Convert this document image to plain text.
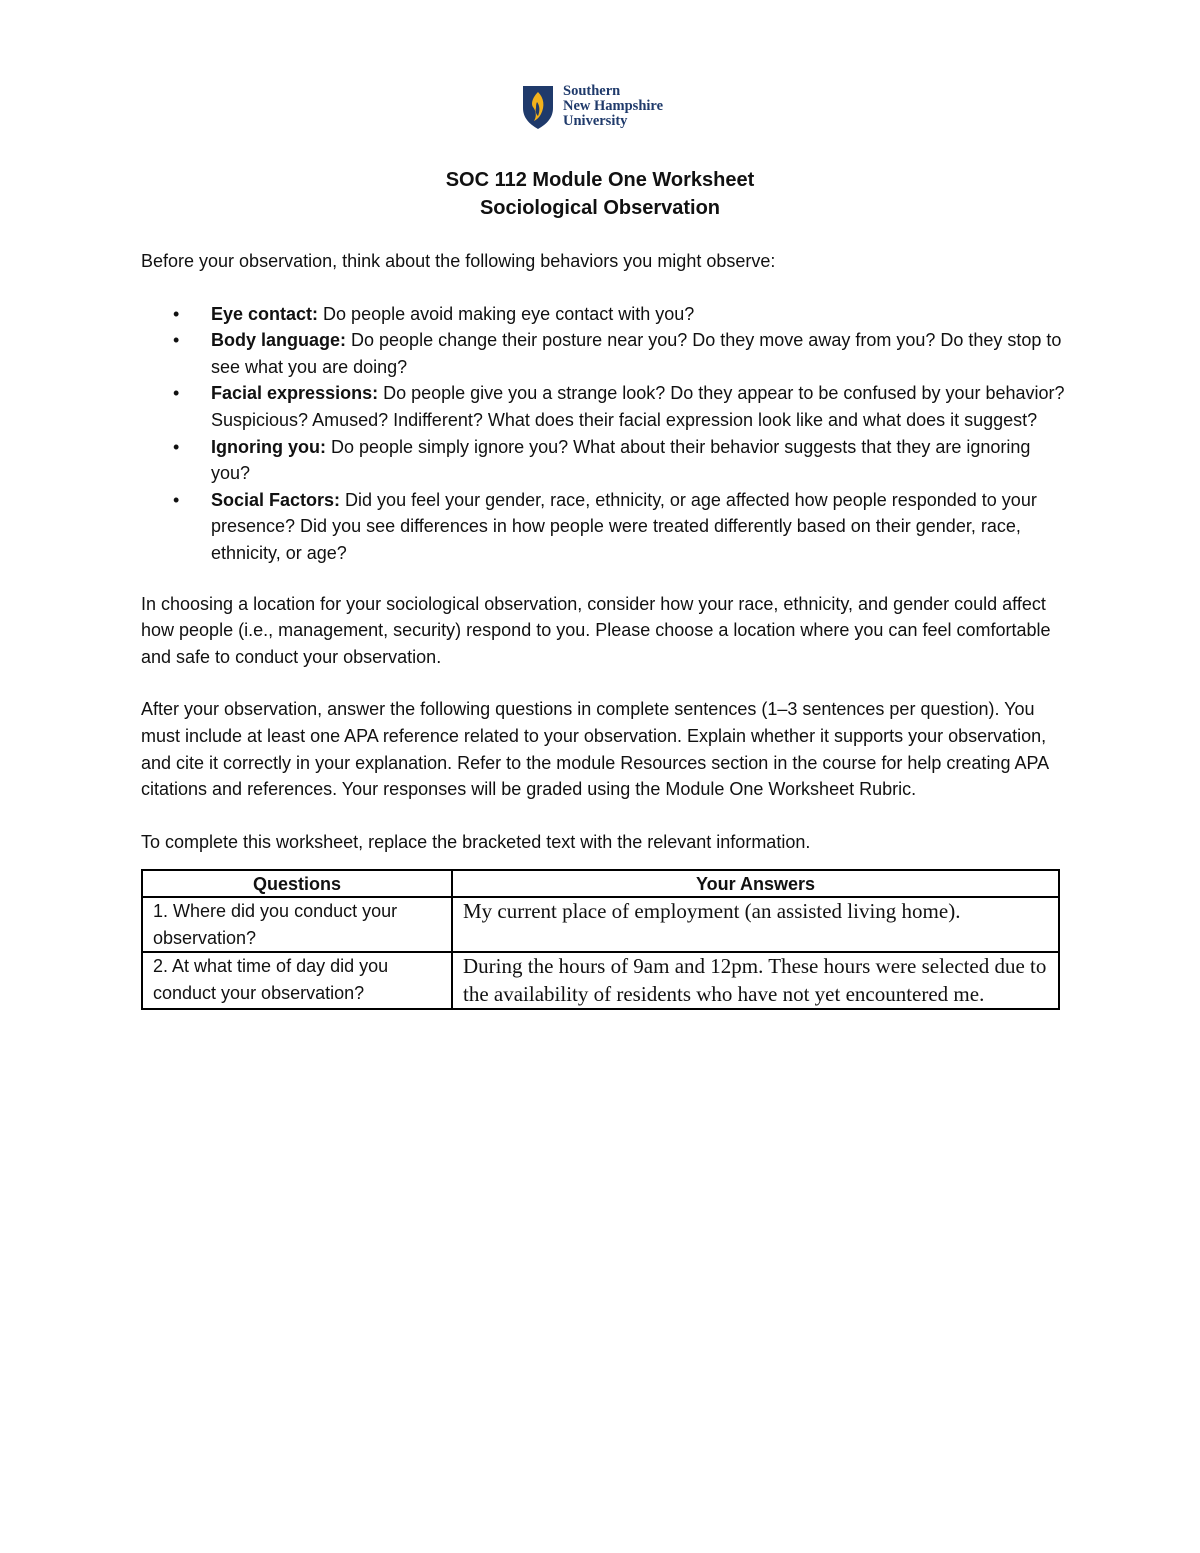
Southern
New Hampshire
University
SOC 112 Module One Worksheet
Sociological Observation

Before your observation, think about the following behaviors you might observe:

• Eye contact: Do people avoid making eye contact with you?
• Body language: Do people change their posture near you? Do they move away from you? Do they stop to see what you are doing?
• Facial expressions: Do people give you a strange look? Do they appear to be confused by your behavior? Suspicious? Amused? Indifferent? What does their facial expression look like and what does it suggest?
• Ignoring you: Do people simply ignore you? What about their behavior suggests that they are ignoring you?
• Social Factors: Did you feel your gender, race, ethnicity, or age affected how people responded to your presence? Did you see differences in how people were treated differently based on their gender, race, ethnicity, or age?

In choosing a location for your sociological observation, consider how your race, ethnicity, and gender could affect how people (i.e., management, security) respond to you. Please choose a location where you can feel comfortable and safe to conduct your observation.

After your observation, answer the following questions in complete sentences (1–3 sentences per question). You must include at least one APA reference related to your observation. Explain whether it supports your observation, and cite it correctly in your explanation. Refer to the module Resources section in the course for help creating APA citations and references. Your responses will be graded using the Module One Worksheet Rubric.

To complete this worksheet, replace the bracketed text with the relevant information.

Questions	Your Answers
1. Where did you conduct your observation?	My current place of employment (an assisted living home).
2. At what time of day did you conduct your observation?	During the hours of 9am and 12pm. These hours were selected due to the availability of residents who have not yet encountered me.
